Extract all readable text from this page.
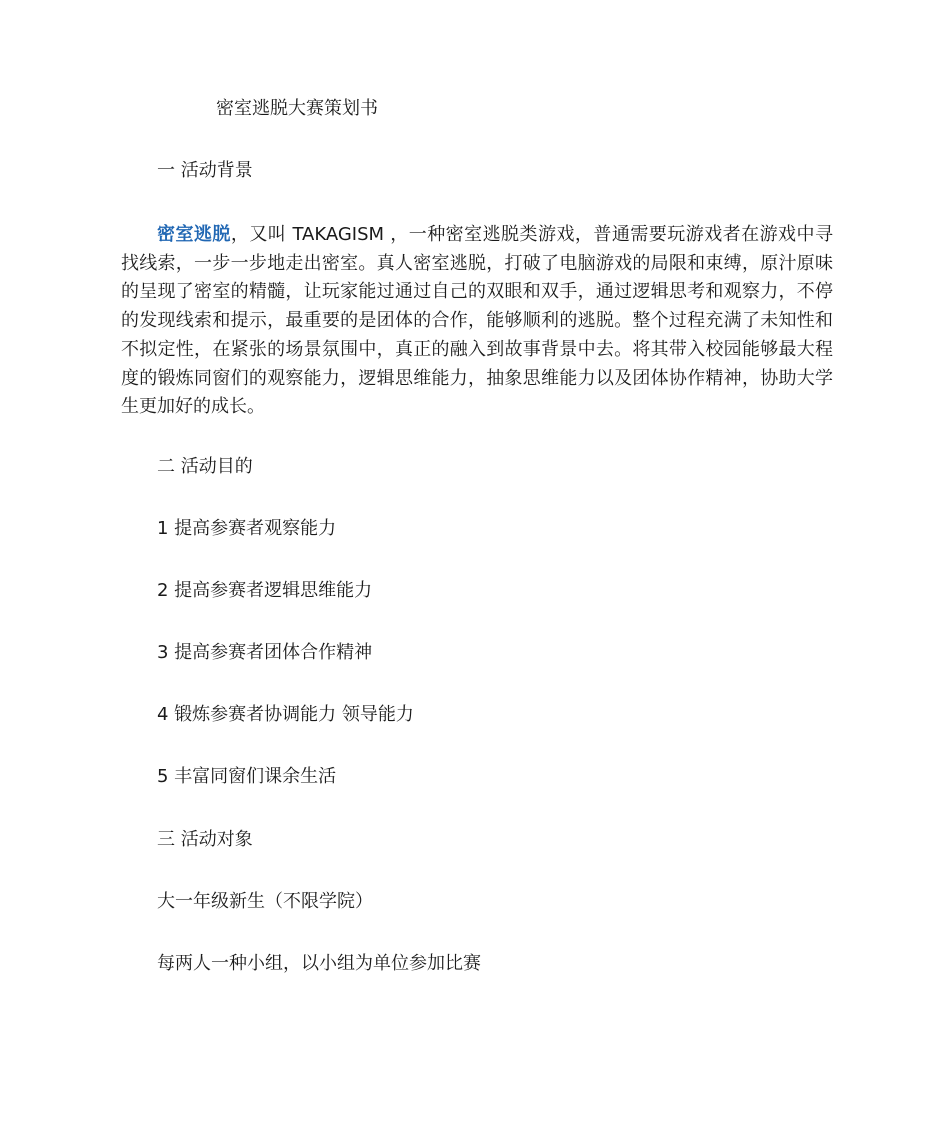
密室逃脱大赛策划书
一 活动背景

密室逃脱，又叫 TAKAGISM ，一种密室逃脱类游戏，普通需要玩游戏者在游戏中寻找线索，一步一步地走出密室。真人密室逃脱，打破了电脑游戏的局限和束缚，原汁原味的呈现了密室的精髓，让玩家能过通过自己的双眼和双手，通过逻辑思考和观察力，不停的发现线索和提示，最重要的是团体的合作，能够顺利的逃脱。整个过程充满了未知性和不拟定性，在紧张的场景氛围中，真正的融入到故事背景中去。将其带入校园能够最大程度的锻炼同窗们的观察能力，逻辑思维能力，抽象思维能力以及团体协作精神，协助大学生更加好的成长。

二 活动目的
1 提高参赛者观察能力
2 提高参赛者逻辑思维能力
3 提高参赛者团体合作精神
4 锻炼参赛者协调能力 领导能力
5 丰富同窗们课余生活
三 活动对象
大一年级新生（不限学院）
每两人一种小组，以小组为单位参加比赛
